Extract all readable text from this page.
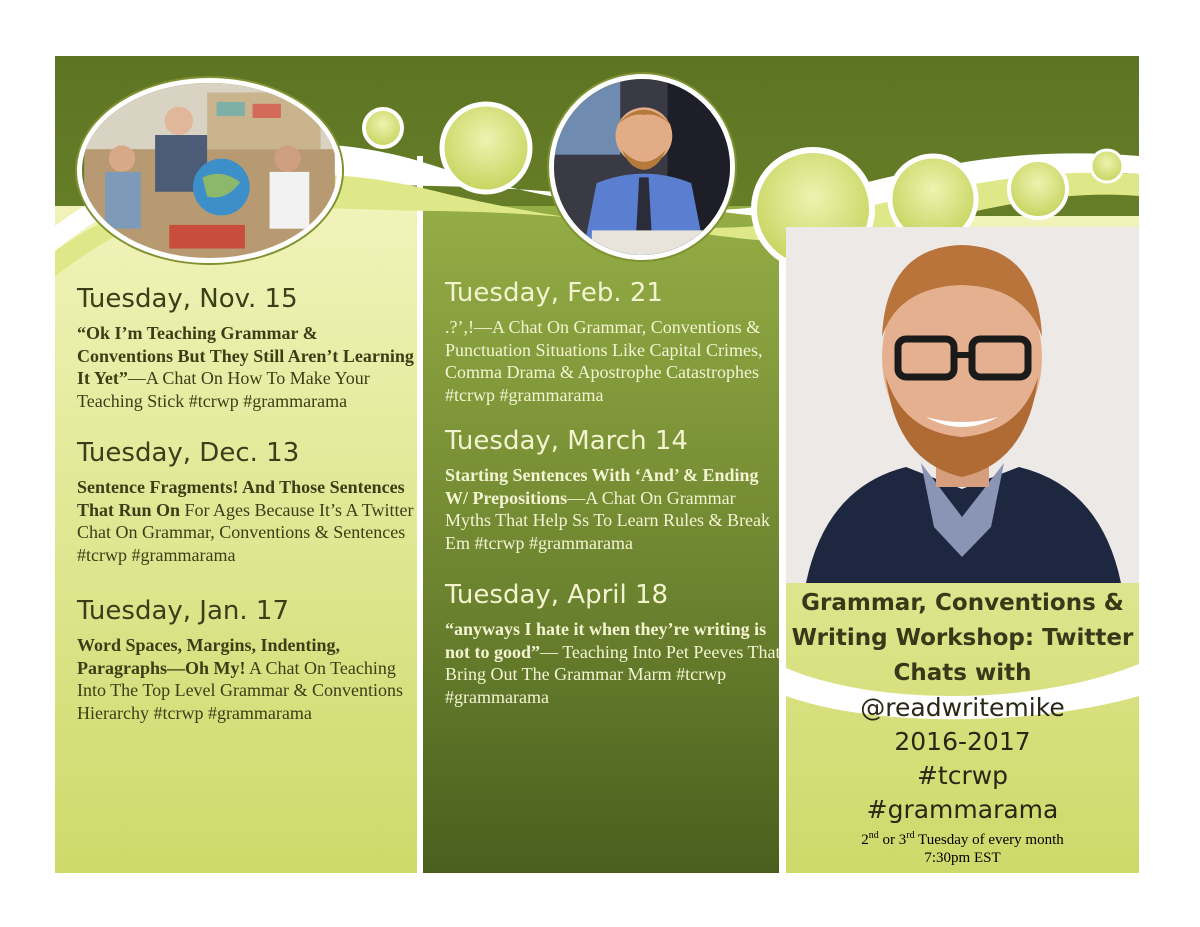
Tuesday, Nov. 15

“Ok I’m Teaching Grammar & Conventions But They Still Aren’t Learning It Yet”—A Chat On How To Make Your Teaching Stick #tcrwp #grammarama

Tuesday, Dec. 13

Sentence Fragments! And Those Sentences That Run On For Ages Because It’s A Twitter Chat On Grammar, Conventions & Sentences #tcrwp #grammarama

Tuesday, Jan. 17

Word Spaces, Margins, Indenting, Paragraphs—Oh My! A Chat On Teaching Into The Top Level Grammar & Conventions Hierarchy #tcrwp #grammarama

Tuesday, Feb. 21

.?’,!—A Chat On Grammar, Conventions & Punctuation Situations Like Capital Crimes, Comma Drama & Apostrophe Catastrophes #tcrwp #grammarama

Tuesday, March 14

Starting Sentences With ‘And’ & Ending W/ Prepositions—A Chat On Grammar Myths That Help Ss To Learn Rules & Break Em #tcrwp #grammarama

Tuesday, April 18

“anyways I hate it when they’re writing is not to good”— Teaching Into Pet Peeves That Bring Out The Grammar Marm #tcrwp #grammarama

Grammar, Conventions & Writing Workshop: Twitter Chats with
@readwritemike
2016-2017
#tcrwp
#grammarama
2nd or 3rd Tuesday of every month
7:30pm EST
